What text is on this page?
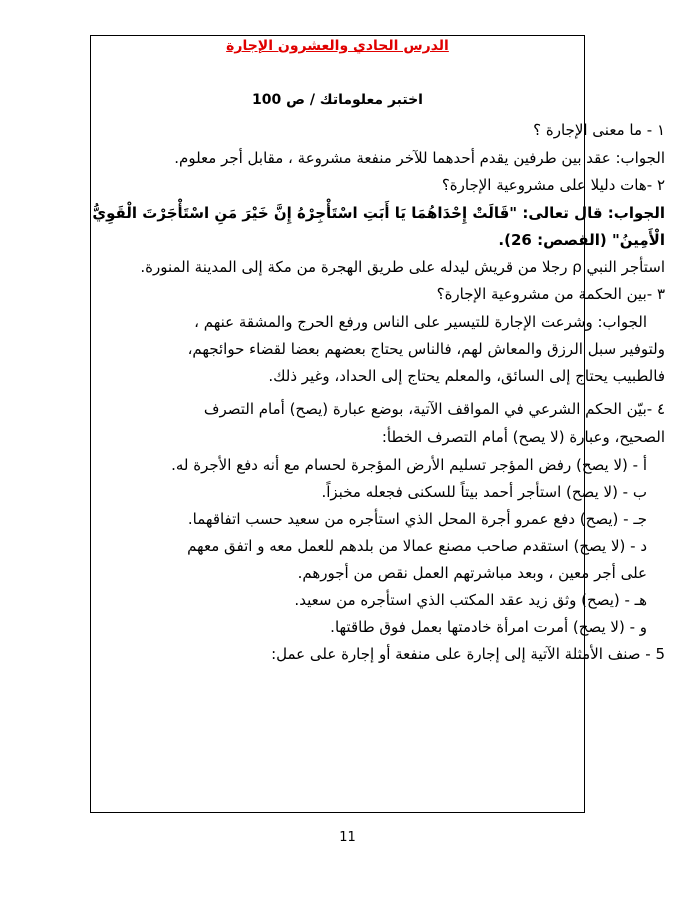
الدرس الحادي والعشرون الإجارة
اختبر معلوماتك / ص 100
١ - ما معنى الإجارة ؟
الجواب: عقد بين طرفين يقدم أحدهما للآخر منفعة مشروعة ، مقابل أجر معلوم.
٢ -هات دليلا على مشروعية الإجارة؟
الجواب: قال تعالى: "قَالَتْ إِحْدَاهُمَا يَا أَبَتِ اسْتَأْجِرْهُ إِنَّ خَيْرَ مَنِ اسْتَأْجَرْتَ الْقَوِيُّ
الْأَمِينُ" (القصص: 26).
استأجر النبي ρ رجلا من قريش ليدله على طريق الهجرة من مكة إلى المدينة المنورة.
٣ -بين الحكمة من مشروعية الإجارة؟
الجواب: وشرعت الإجارة للتيسير على الناس ورفع الحرج والمشقة عنهم ،
ولتوفير سبل الرزق والمعاش لهم، فالناس يحتاج بعضهم بعضا لقضاء حوائجهم،
فالطبيب يحتاج إلى السائق، والمعلم يحتاج إلى الحداد، وغير ذلك.
٤ -بيّن الحكم الشرعي في المواقف الآتية، بوضع عبارة (يصح) أمام التصرف
الصحيح، وعبارة (لا يصح) أمام التصرف الخطأ:
أ - (لا يصح) رفض المؤجر تسليم الأرض المؤجرة لحسام مع أنه دفع الأجرة له.
ب - (لا يصح) استأجر أحمد بيتاً للسكنى فجعله مخبزاً.
جـ - (يصح) دفع عمرو أجرة المحل الذي استأجره من سعيد حسب اتفاقهما.
د - (لا يصح) استقدم صاحب مصنع عمالا من بلدهم للعمل معه و اتفق معهم
على أجر معين ، وبعد مباشرتهم العمل نقص من أجورهم.
هـ - (يصح) وثق زيد عقد المكتب الذي استأجره من سعيد.
و - (لا يصح) أمرت امرأة خادمتها بعمل فوق طاقتها.
5 - صنف الأمثلة الآتية إلى إجارة على منفعة أو إجارة على عمل:
11
